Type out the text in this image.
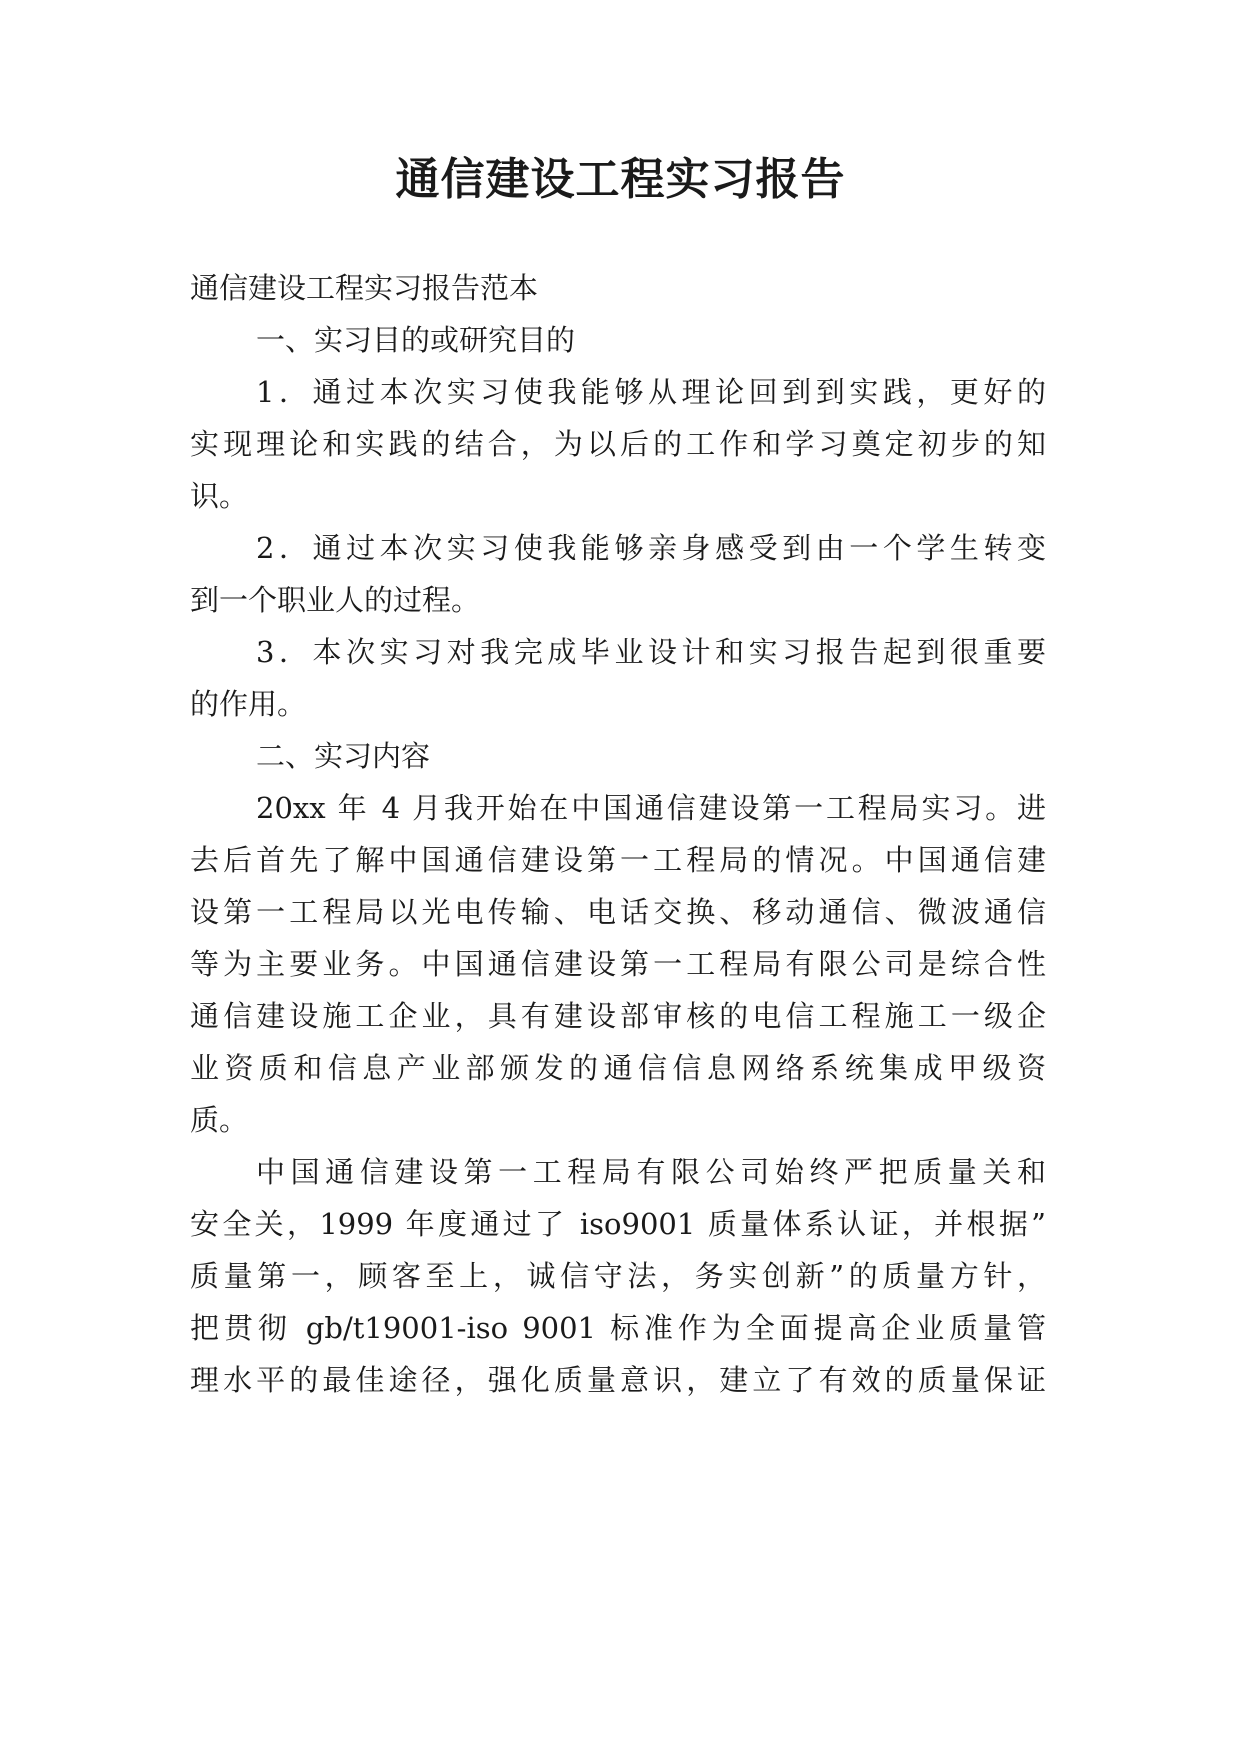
通信建设工程实习报告

通信建设工程实习报告范本

一、实习目的或研究目的

1．通过本次实习使我能够从理论回到到实践，更好的

实现理论和实践的结合，为以后的工作和学习奠定初步的知

识。

2．通过本次实习使我能够亲身感受到由一个学生转变

到一个职业人的过程。

3．本次实习对我完成毕业设计和实习报告起到很重要

的作用。

二、实习内容

20xx 年 4 月我开始在中国通信建设第一工程局实习。进

去后首先了解中国通信建设第一工程局的情况。中国通信建

设第一工程局以光电传输、电话交换、移动通信、微波通信

等为主要业务。中国通信建设第一工程局有限公司是综合性

通信建设施工企业，具有建设部审核的电信工程施工一级企

业资质和信息产业部颁发的通信信息网络系统集成甲级资

质。

中国通信建设第一工程局有限公司始终严把质量关和

安全关，1999 年度通过了 iso9001 质量体系认证，并根据”

质量第一，顾客至上，诚信守法，务实创新”的质量方针，

把贯彻 gb/t19001-iso 9001 标准作为全面提高企业质量管

理水平的最佳途径，强化质量意识，建立了有效的质量保证
